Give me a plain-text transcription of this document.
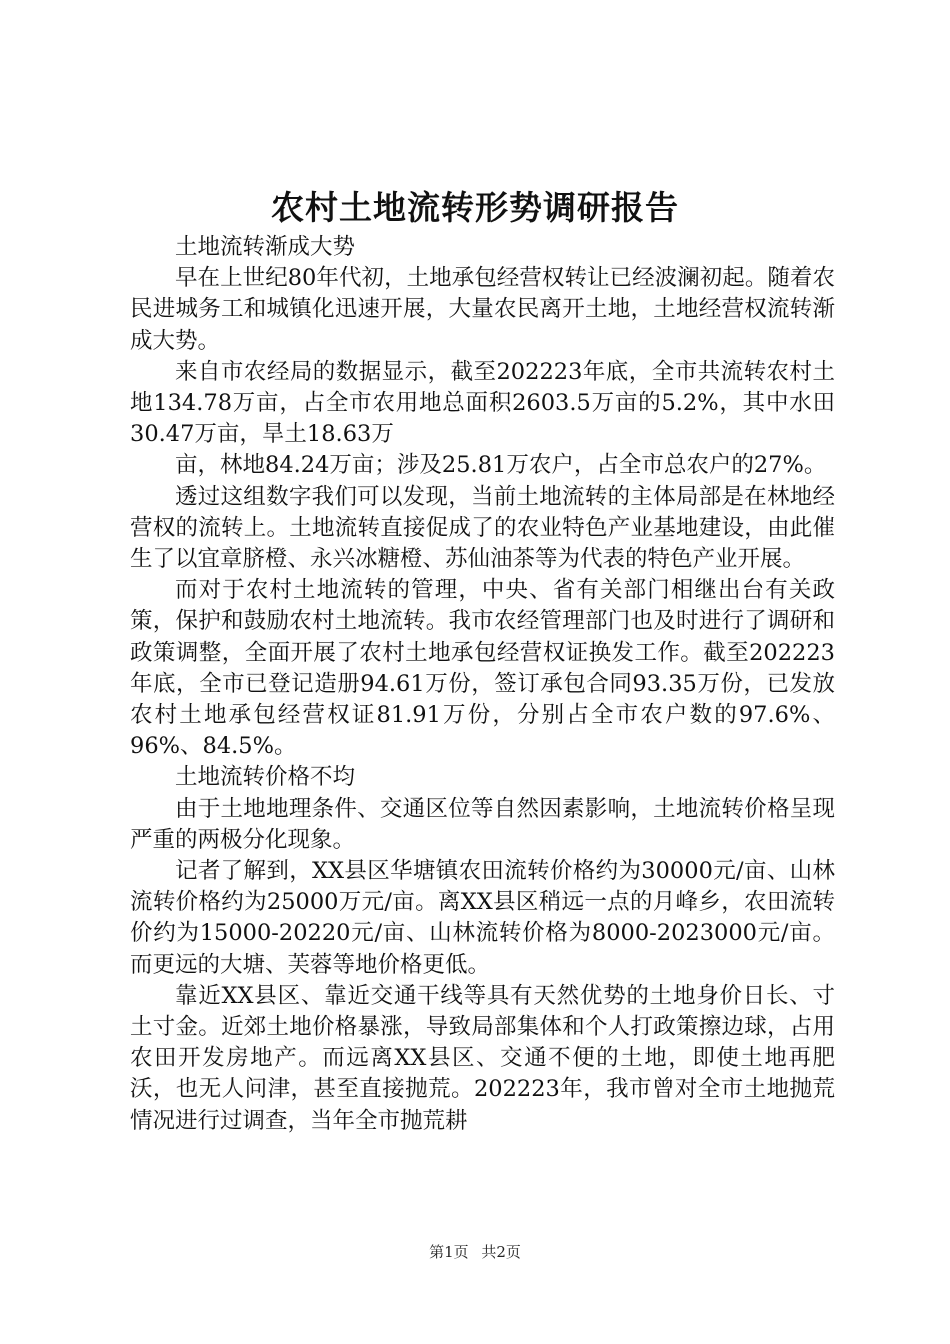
农村土地流转形势调研报告

土地流转渐成大势

早在上世纪80年代初，土地承包经营权转让已经波澜初起。随着农民进城务工和城镇化迅速开展，大量农民离开土地，土地经营权流转渐成大势。

来自市农经局的数据显示，截至202223年底，全市共流转农村土地134.78万亩，占全市农用地总面积2603.5万亩的5.2%，其中水田30.47万亩，旱土18.63万

亩，林地84.24万亩；涉及25.81万农户，占全市总农户的27%。

透过这组数字我们可以发现，当前土地流转的主体局部是在林地经营权的流转上。土地流转直接促成了的农业特色产业基地建设，由此催生了以宜章脐橙、永兴冰糖橙、苏仙油茶等为代表的特色产业开展。

而对于农村土地流转的管理，中央、省有关部门相继出台有关政策，保护和鼓励农村土地流转。我市农经管理部门也及时进行了调研和政策调整，全面开展了农村土地承包经营权证换发工作。截至202223年底，全市已登记造册94.61万份，签订承包合同93.35万份，已发放农村土地承包经营权证81.91万份，分别占全市农户数的97.6%、96%、84.5%。

土地流转价格不均

由于土地地理条件、交通区位等自然因素影响，土地流转价格呈现严重的两极分化现象。

记者了解到，XX县区华塘镇农田流转价格约为30000元/亩、山林流转价格约为25000万元/亩。离XX县区稍远一点的月峰乡，农田流转价约为15000-20220元/亩、山林流转价格为8000-2023000元/亩。而更远的大塘、芙蓉等地价格更低。

靠近XX县区、靠近交通干线等具有天然优势的土地身价日长、寸土寸金。近郊土地价格暴涨，导致局部集体和个人打政策擦边球，占用农田开发房地产。而远离XX县区、交通不便的土地，即使土地再肥沃，也无人问津，甚至直接抛荒。202223年，我市曾对全市土地抛荒情况进行过调查，当年全市抛荒耕

第1页 共2页
